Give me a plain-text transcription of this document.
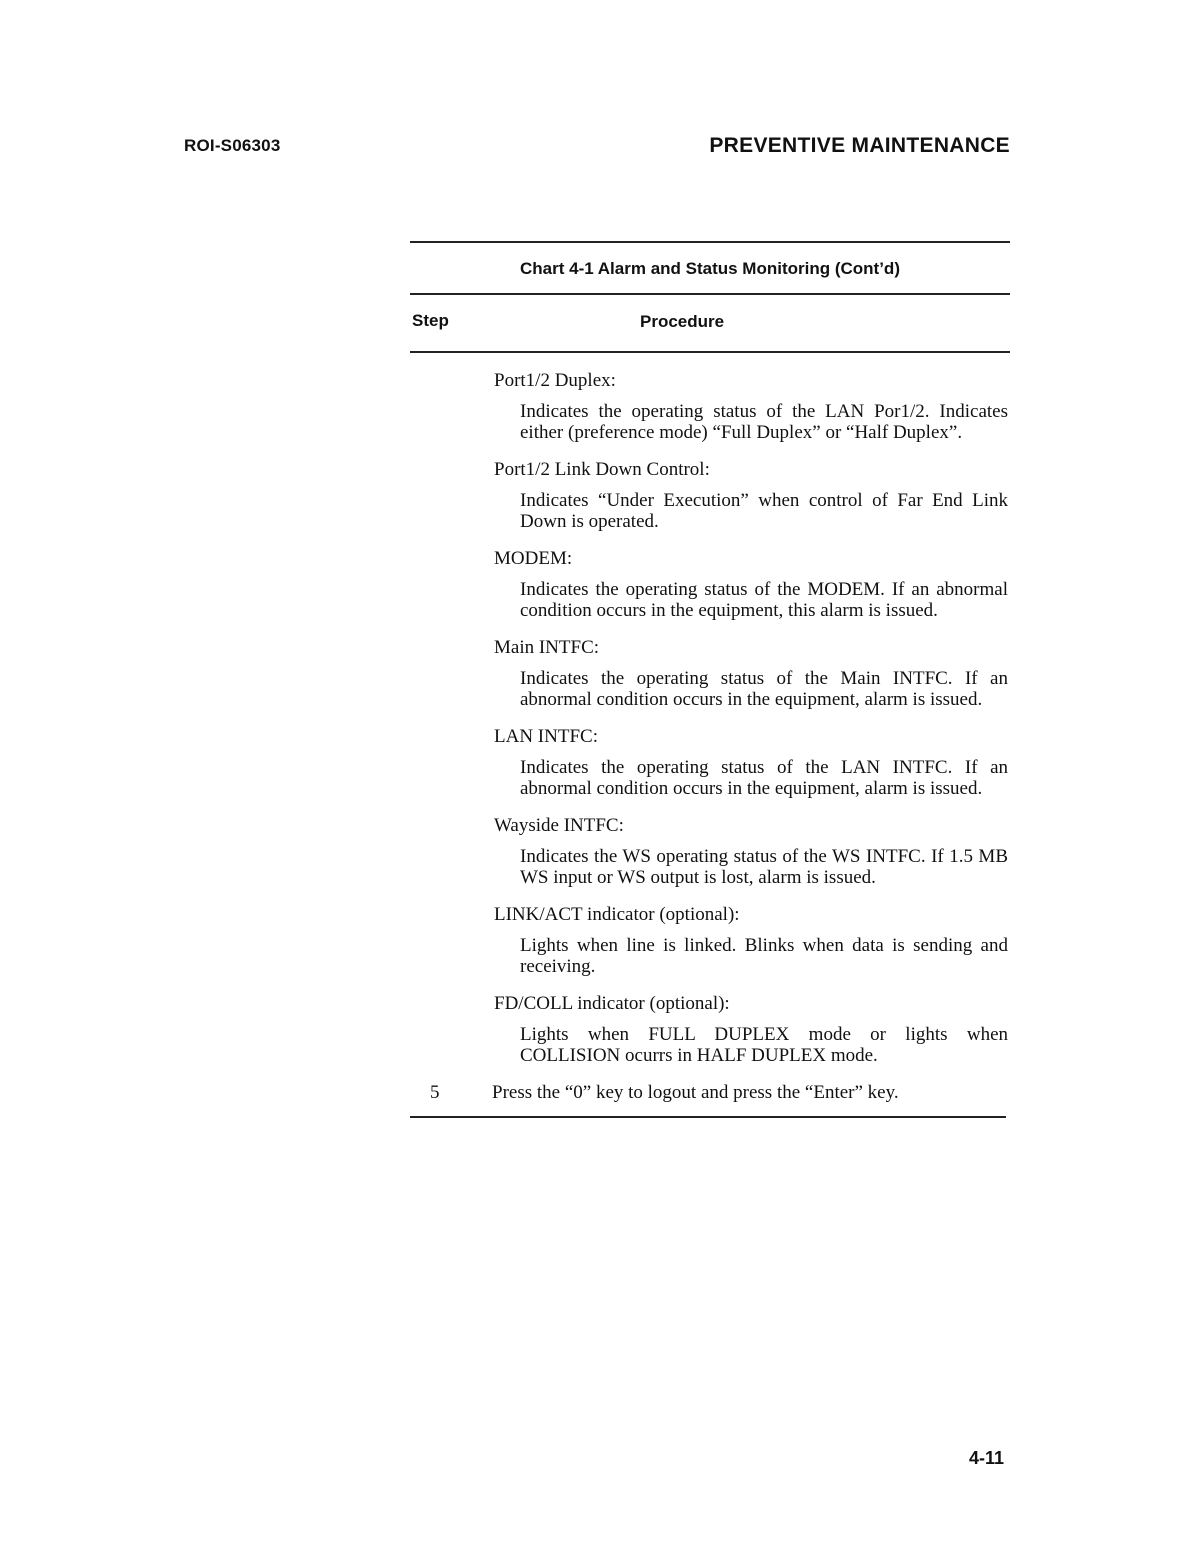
ROI-S06303	PREVENTIVE MAINTENANCE
Chart 4-1 Alarm and Status Monitoring (Cont’d)
Step	Procedure
Port1/2 Duplex:
Indicates the operating status of the LAN Por1/2. Indicates either (preference mode) “Full Duplex” or “Half Duplex”.
Port1/2 Link Down Control:
Indicates “Under Execution” when control of Far End Link Down is operated.
MODEM:
Indicates the operating status of the MODEM. If an abnormal condition occurs in the equipment, this alarm is issued.
Main INTFC:
Indicates the operating status of the Main INTFC. If an abnormal condition occurs in the equipment, alarm is issued.
LAN INTFC:
Indicates the operating status of the LAN INTFC. If an abnormal condition occurs in the equipment, alarm is issued.
Wayside INTFC:
Indicates the WS operating status of the WS INTFC. If 1.5 MB WS input or WS output is lost, alarm is issued.
LINK/ACT indicator (optional):
Lights when line is linked. Blinks when data is sending and receiving.
FD/COLL indicator (optional):
Lights when FULL DUPLEX mode or lights when COLLISION ocurrs in HALF DUPLEX mode.
5	Press the “0” key to logout and press the “Enter” key.
4-11
